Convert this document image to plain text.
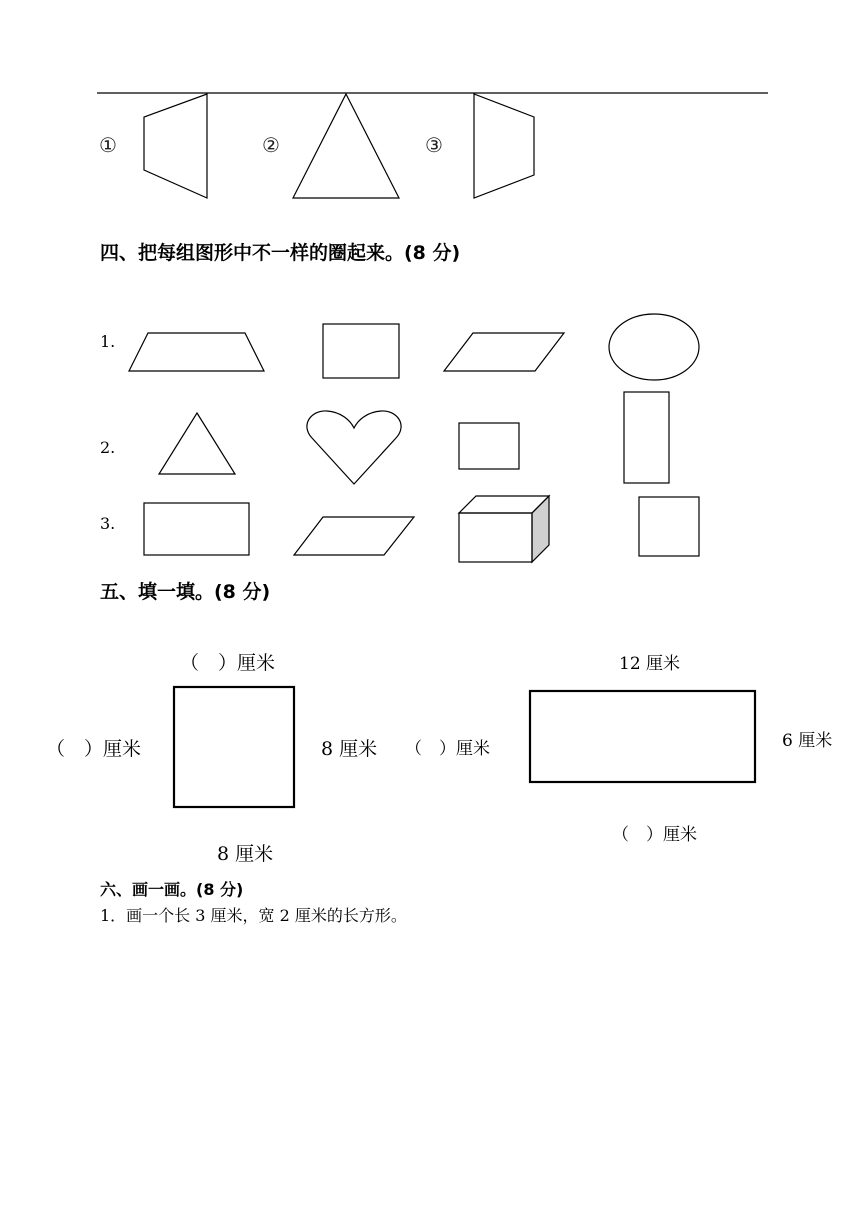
①	②	③
四、把每组图形中不一样的圈起来。(8 分)
1.
2.
3.
五、填一填。(8 分)
（　）厘米
（　）厘米	8 厘米
8 厘米
12 厘米
（　）厘米	6 厘米
（　）厘米
六、画一画。(8 分)
1．画一个长 3 厘米，宽 2 厘米的长方形。
